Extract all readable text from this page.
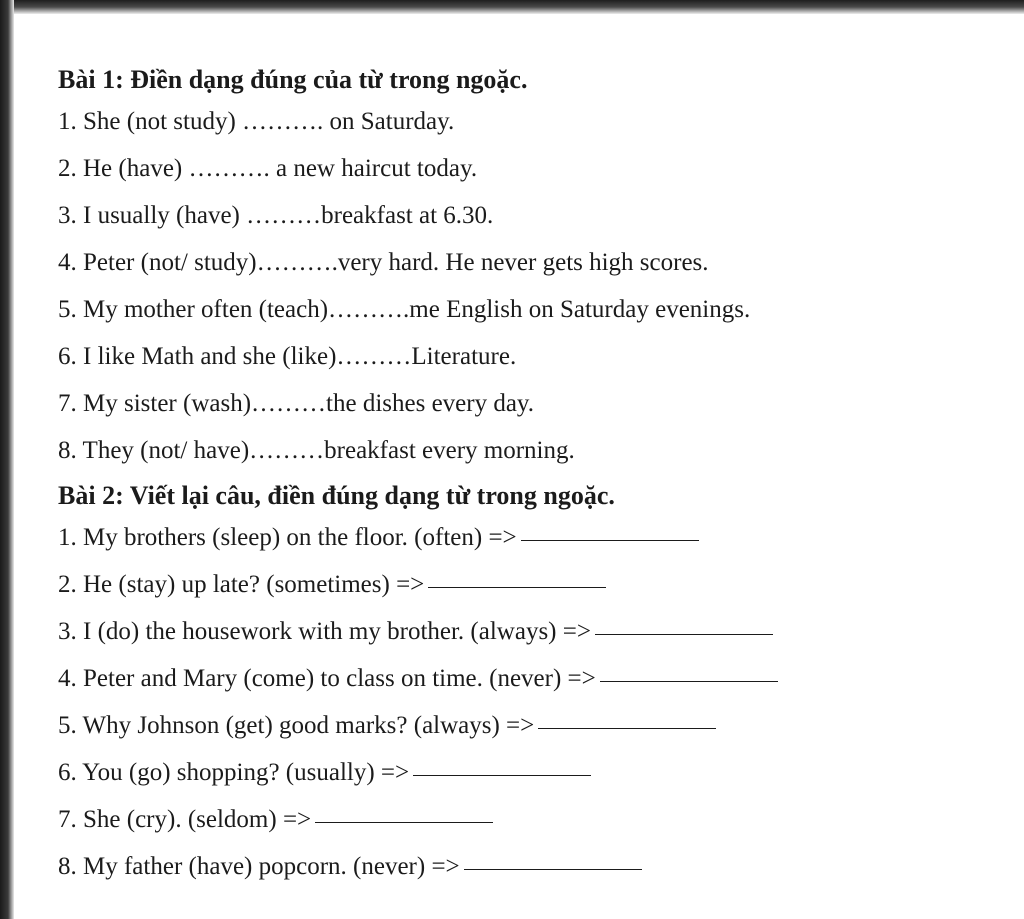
Bài 1: Điền dạng đúng của từ trong ngoặc.
1. She (not study) ………. on Saturday.
2. He (have) ………. a new haircut today.
3. I usually (have) ………breakfast at 6.30.
4. Peter (not/ study)……….very hard. He never gets high scores.
5. My mother often (teach)……….me English on Saturday evenings.
6. I like Math and she (like)………Literature.
7. My sister (wash)………the dishes every day.
8. They (not/ have)………breakfast every morning.
Bài 2: Viết lại câu, điền đúng dạng từ trong ngoặc.
1. My brothers (sleep) on the floor. (often) =>
2. He (stay) up late? (sometimes) =>
3. I (do) the housework with my brother. (always) =>
4. Peter and Mary (come) to class on time. (never) =>
5. Why Johnson (get) good marks? (always) =>
6. You (go) shopping? (usually) =>
7. She (cry). (seldom) =>
8. My father (have) popcorn. (never) =>
